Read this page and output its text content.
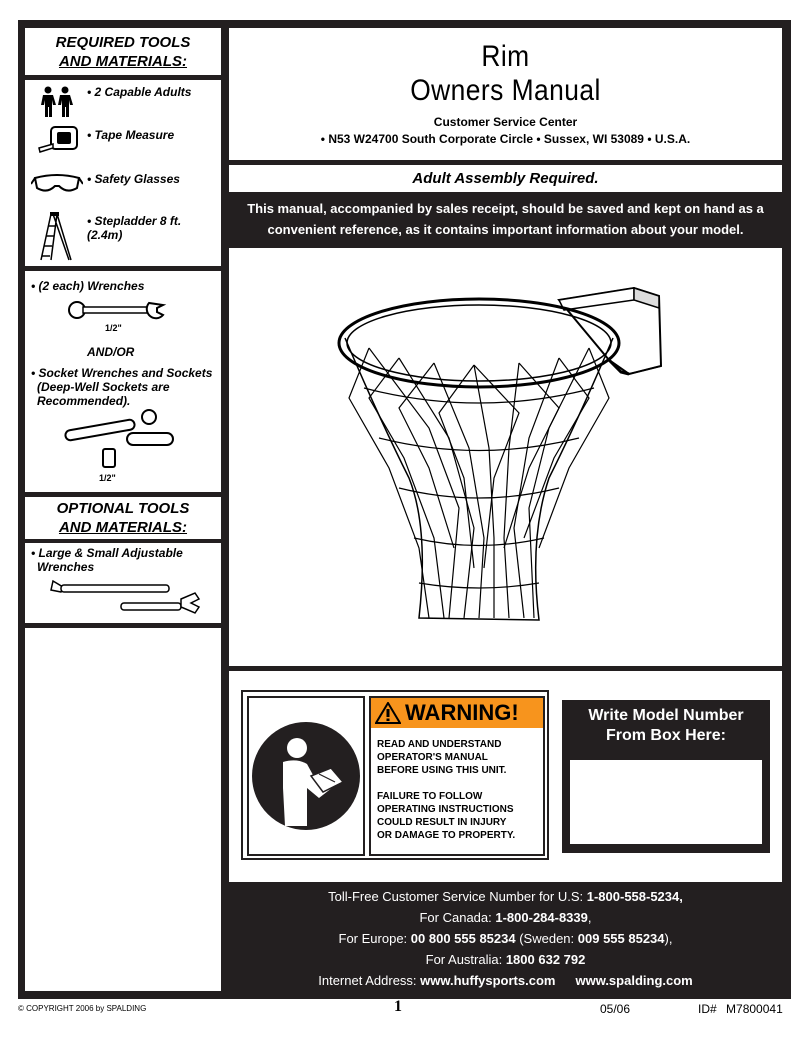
REQUIRED TOOLS
AND MATERIALS:
• 2 Capable Adults
• Tape Measure
• Safety Glasses
• Stepladder 8 ft.
(2.4m)
• (2 each) Wrenches
1/2"
AND/OR
• Socket Wrenches and Sockets
(Deep-Well Sockets are
Recommended).
1/2"
OPTIONAL TOOLS
AND MATERIALS:
• Large & Small Adjustable
Wrenches
Rim
Owners Manual
Customer Service Center
• N53 W24700 South Corporate Circle • Sussex, WI 53089 • U.S.A.
Adult Assembly Required.
This manual, accompanied by sales receipt, should be saved and kept on hand as a
convenient reference, as it contains important information about your model.
WARNING!
READ AND UNDERSTAND
OPERATOR'S MANUAL
BEFORE USING THIS UNIT.
FAILURE TO FOLLOW
OPERATING INSTRUCTIONS
COULD RESULT IN INJURY
OR DAMAGE TO PROPERTY.
Write Model Number
From Box Here:
Toll-Free Customer Service Number for U.S: 1-800-558-5234,
For Canada: 1-800-284-8339,
For Europe: 00 800 555 85234 (Sweden: 009 555 85234),
For Australia: 1800 632 792
Internet Address: www.huffysports.com www.spalding.com
© COPYRIGHT 2006 by SPALDING	1	05/06	ID# M7800041
